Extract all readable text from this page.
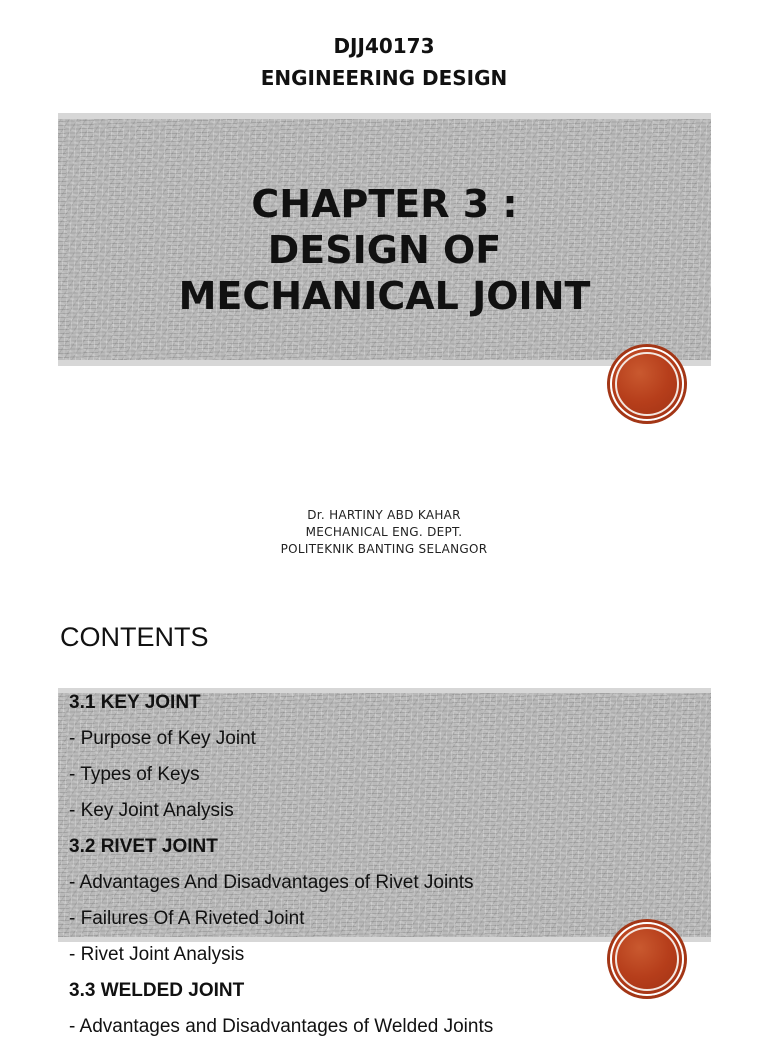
DJJ40173
ENGINEERING DESIGN
CHAPTER 3 :
DESIGN OF
MECHANICAL JOINT
Dr. HARTINY ABD KAHAR
MECHANICAL ENG. DEPT.
POLITEKNIK BANTING SELANGOR
CONTENTS
3.1 KEY JOINT
- Purpose of Key Joint
- Types of Keys
- Key Joint Analysis
3.2 RIVET JOINT
- Advantages And Disadvantages of Rivet Joints
- Failures Of A Riveted Joint
- Rivet Joint Analysis
3.3 WELDED JOINT
- Advantages and Disadvantages of Welded Joints
